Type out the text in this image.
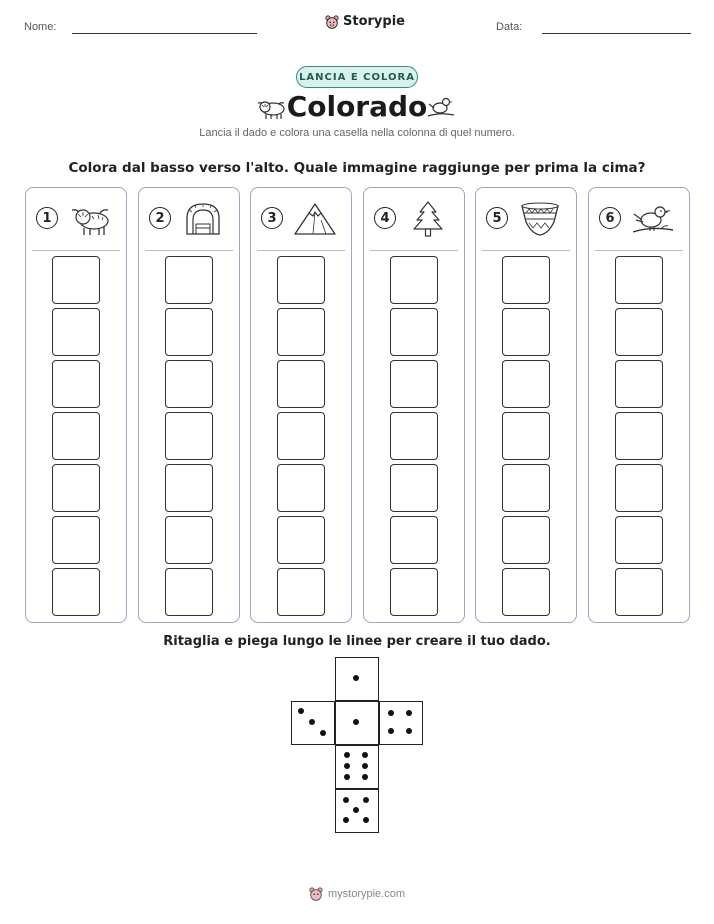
Nome:	Storypie	Data:
LANCIA E COLORA
Colorado
Lancia il dado e colora una casella nella colonna di quel numero.
Colora dal basso verso l'alto. Quale immagine raggiunge per prima la cima?
1	2	3	4	5	6
Ritaglia e piega lungo le linee per creare il tuo dado.
mystorypie.com
